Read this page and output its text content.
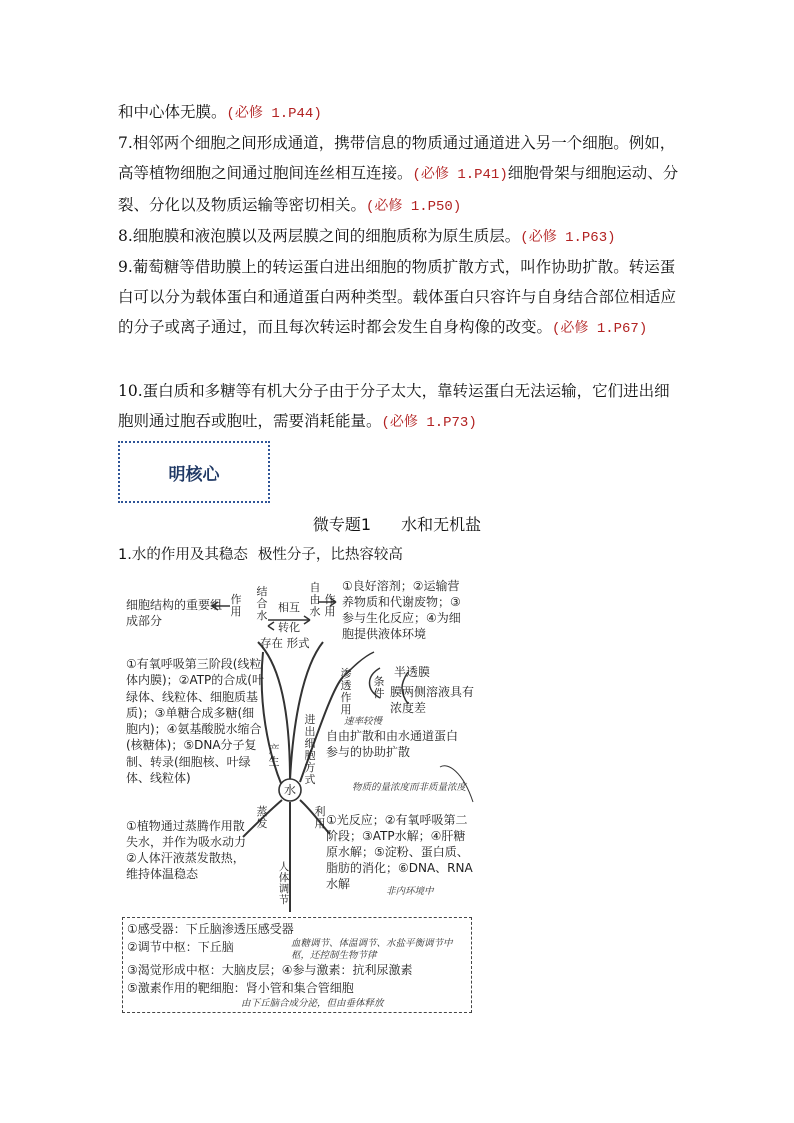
和中心体无膜。(必修 1.P44)
7.相邻两个细胞之间形成通道，携带信息的物质通过通道进入另一个细胞。例如，高等植物细胞之间通过胞间连丝相互连接。(必修 1.P41)细胞骨架与细胞运动、分裂、分化以及物质运输等密切相关。(必修 1.P50)
8.细胞膜和液泡膜以及两层膜之间的细胞质称为原生质层。(必修 1.P63)
9.葡萄糖等借助膜上的转运蛋白进出细胞的物质扩散方式，叫作协助扩散。转运蛋白可以分为载体蛋白和通道蛋白两种类型。载体蛋白只容许与自身结合部位相适应的分子或离子通过，而且每次转运时都会发生自身构像的改变。(必修 1.P67)
10.蛋白质和多糖等有机大分子由于分子太大，靠转运蛋白无法运输，它们进出细胞则通过胞吞或胞吐，需要消耗能量。(必修 1.P73)
明核心
微专题1 水和无机盐
1.水的作用及其稳态 极性分子，比热容较高
细胞结构的重要组成部分
作用
结合水
相互
转化
自由水
作用
①良好溶剂；②运输营养物质和代谢废物；③参与生化反应；④为细胞提供液体环境
存在 形式
①有氧呼吸第三阶段(线粒体内膜)；②ATP的合成(叶绿体、线粒体、细胞质基质)；③单糖合成多糖(细胞内)；④氨基酸脱水缩合(核糖体)；⑤DNA分子复制、转录(细胞核、叶绿体、线粒体)
产生
渗透作用
条件
半透膜
膜两侧溶液具有浓度差
进出细胞方式
速率较慢
自由扩散和由水通道蛋白参与的协助扩散
物质的量浓度而非质量浓度
水
蒸发
利用
①植物通过蒸腾作用散失水，并作为吸水动力 ②人体汗液蒸发散热，维持体温稳态
①光反应；②有氧呼吸第二阶段；③ATP水解；④肝糖原水解；⑤淀粉、蛋白质、脂肪的消化；⑥DNA、RNA水解
非内环境中
人体调节
①感受器：下丘脑渗透压感受器
②调节中枢：下丘脑	血糖调节、体温调节、水盐平衡调节中枢，还控制生物节律
③渴觉形成中枢：大脑皮层；④参与激素：抗利尿激素
⑤激素作用的靶细胞：肾小管和集合管细胞
由下丘脑合成分泌，但由垂体释放
